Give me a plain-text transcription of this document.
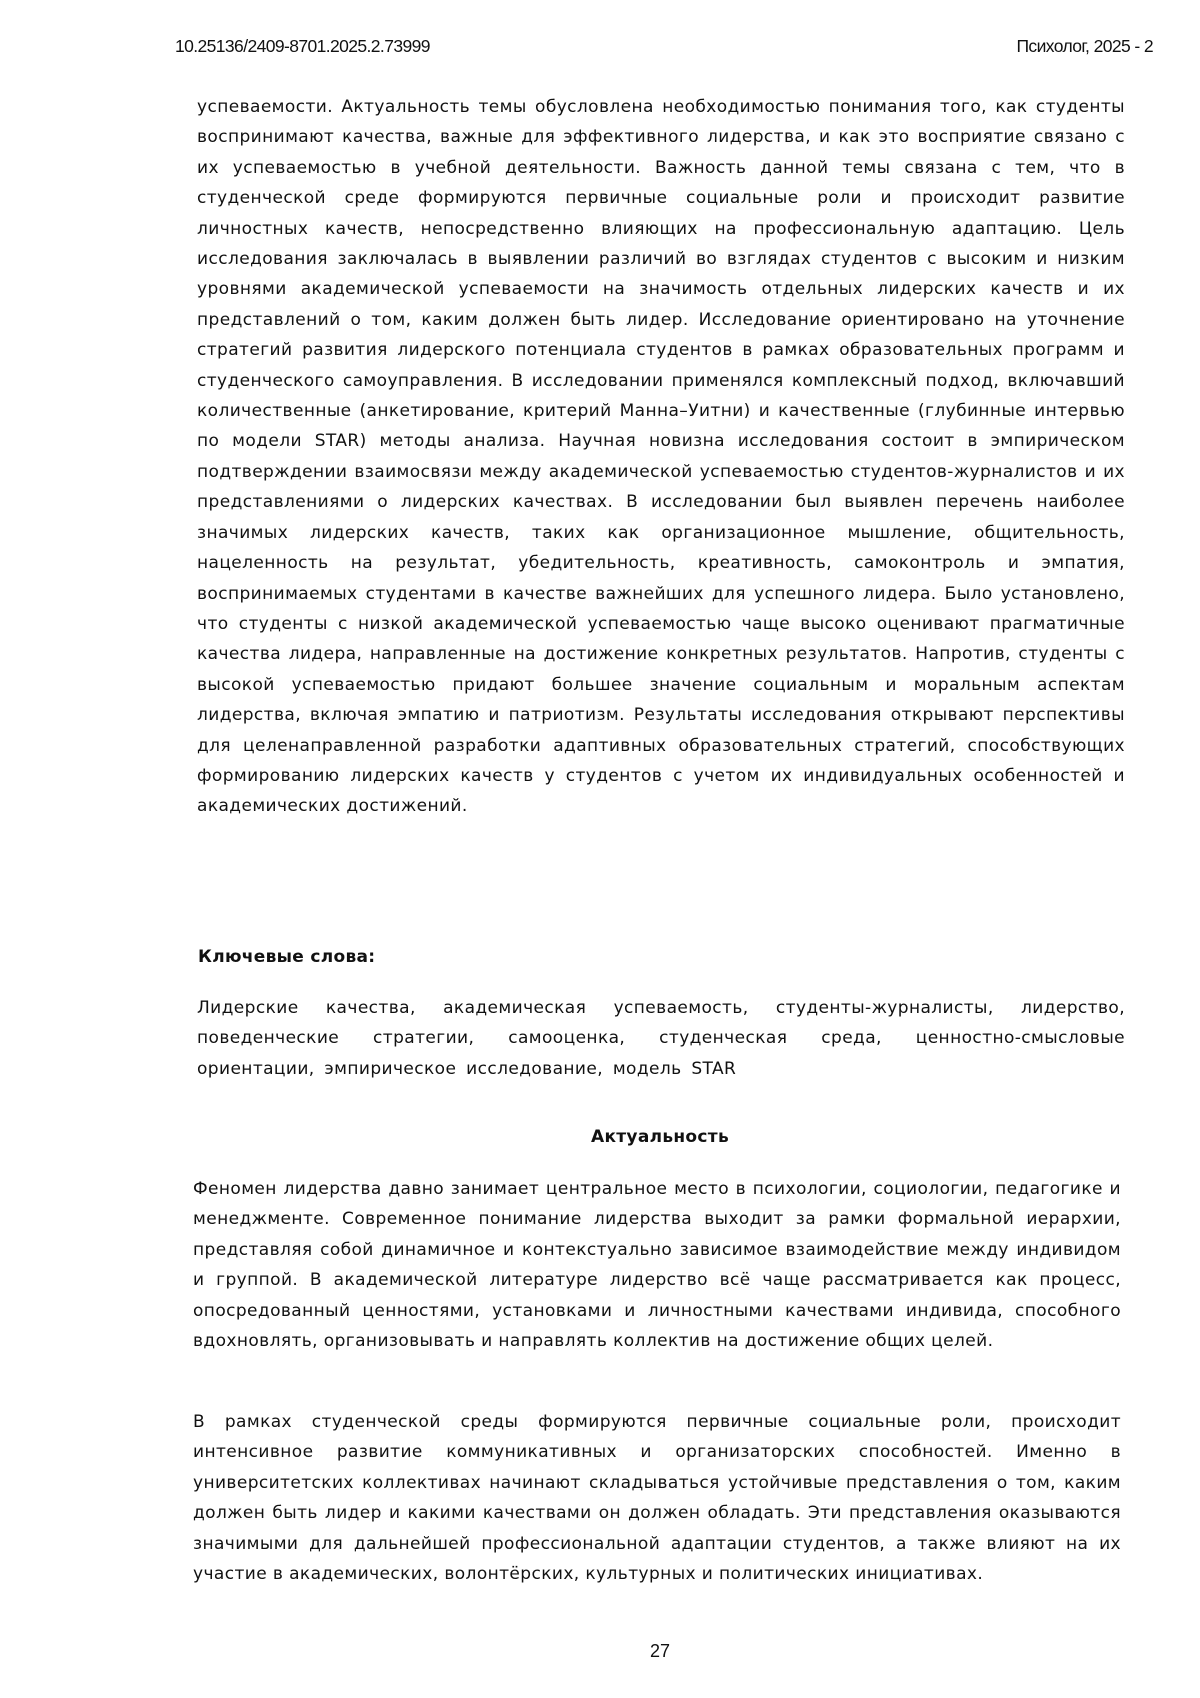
10.25136/2409-8701.2025.2.73999	Психолог, 2025 - 2

успеваемости. Актуальность темы обусловлена необходимостью понимания того, как студенты воспринимают качества, важные для эффективного лидерства, и как это восприятие связано с их успеваемостью в учебной деятельности. Важность данной темы связана с тем, что в студенческой среде формируются первичные социальные роли и происходит развитие личностных качеств, непосредственно влияющих на профессиональную адаптацию. Цель исследования заключалась в выявлении различий во взглядах студентов с высоким и низким уровнями академической успеваемости на значимость отдельных лидерских качеств и их представлений о том, каким должен быть лидер. Исследование ориентировано на уточнение стратегий развития лидерского потенциала студентов в рамках образовательных программ и студенческого самоуправления. В исследовании применялся комплексный подход, включавший количественные (анкетирование, критерий Манна–Уитни) и качественные (глубинные интервью по модели STAR) методы анализа. Научная новизна исследования состоит в эмпирическом подтверждении взаимосвязи между академической успеваемостью студентов-журналистов и их представлениями о лидерских качествах. В исследовании был выявлен перечень наиболее значимых лидерских качеств, таких как организационное мышление, общительность, нацеленность на результат, убедительность, креативность, самоконтроль и эмпатия, воспринимаемых студентами в качестве важнейших для успешного лидера. Было установлено, что студенты с низкой академической успеваемостью чаще высоко оценивают прагматичные качества лидера, направленные на достижение конкретных результатов. Напротив, студенты с высокой успеваемостью придают большее значение социальным и моральным аспектам лидерства, включая эмпатию и патриотизм. Результаты исследования открывают перспективы для целенаправленной разработки адаптивных образовательных стратегий, способствующих формированию лидерских качеств у студентов с учетом их индивидуальных особенностей и академических достижений.

Ключевые слова:

Лидерские качества, академическая успеваемость, студенты-журналисты, лидерство, поведенческие стратегии, самооценка, студенческая среда, ценностно-смысловые ориентации, эмпирическое исследование, модель STAR

Актуальность

Феномен лидерства давно занимает центральное место в психологии, социологии, педагогике и менеджменте. Современное понимание лидерства выходит за рамки формальной иерархии, представляя собой динамичное и контекстуально зависимое взаимодействие между индивидом и группой. В академической литературе лидерство всё чаще рассматривается как процесс, опосредованный ценностями, установками и личностными качествами индивида, способного вдохновлять, организовывать и направлять коллектив на достижение общих целей.

В рамках студенческой среды формируются первичные социальные роли, происходит интенсивное развитие коммуникативных и организаторских способностей. Именно в университетских коллективах начинают складываться устойчивые представления о том, каким должен быть лидер и какими качествами он должен обладать. Эти представления оказываются значимыми для дальнейшей профессиональной адаптации студентов, а также влияют на их участие в академических, волонтёрских, культурных и политических инициативах.

27
